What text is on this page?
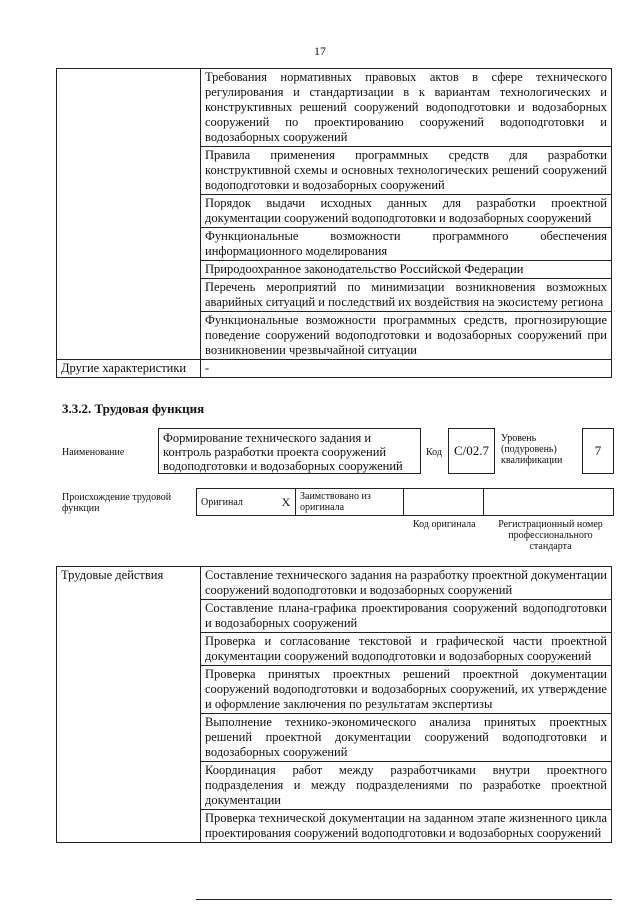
17
	Требования нормативных правовых актов в сфере технического регулирования и стандартизации в к вариантам технологических и конструктивных решений сооружений водоподготовки и водозаборных сооружений по проектированию сооружений водоподготовки и водозаборных сооружений
	Правила применения программных средств для разработки конструктивной схемы и основных технологических решений сооружений водоподготовки и водозаборных сооружений
	Порядок выдачи исходных данных для разработки проектной документации сооружений водоподготовки и водозаборных сооружений
	Функциональные возможности программного обеспечения информационного моделирования
	Природоохранное законодательство Российской Федерации
	Перечень мероприятий по минимизации возникновения возможных аварийных ситуаций и последствий их воздействия на экосистему региона
	Функциональные возможности программных средств, прогнозирующие поведение сооружений водоподготовки и водозаборных сооружений при возникновении чрезвычайной ситуации
Другие характеристики	-
3.3.2. Трудовая функция
Наименование
Формирование технического задания и контроль разработки проекта сооружений водоподготовки и водозаборных сооружений
Код C/02.7
Уровень (подуровень) квалификации
7
Происхождение трудовой функции
Оригинал	X	Заимствовано из оригинала		
Код оригинала	Регистрационный номер профессионального стандарта
Трудовые действия	Составление технического задания на разработку проектной документации сооружений водоподготовки и водозаборных сооружений
Составление плана-графика проектирования сооружений водоподготовки и водозаборных сооружений
Проверка и согласование текстовой и графической части проектной документации сооружений водоподготовки и водозаборных сооружений
Проверка принятых проектных решений проектной документации сооружений водоподготовки и водозаборных сооружений, их утверждение и оформление заключения по результатам экспертизы
Выполнение технико-экономического анализа принятых проектных решений проектной документации сооружений водоподготовки и водозаборных сооружений
Координация работ между разработчиками внутри проектного подразделения и между подразделениями по разработке проектной документации
Проверка технической документации на заданном этапе жизненного цикла проектирования сооружений водоподготовки и водозаборных сооружений
